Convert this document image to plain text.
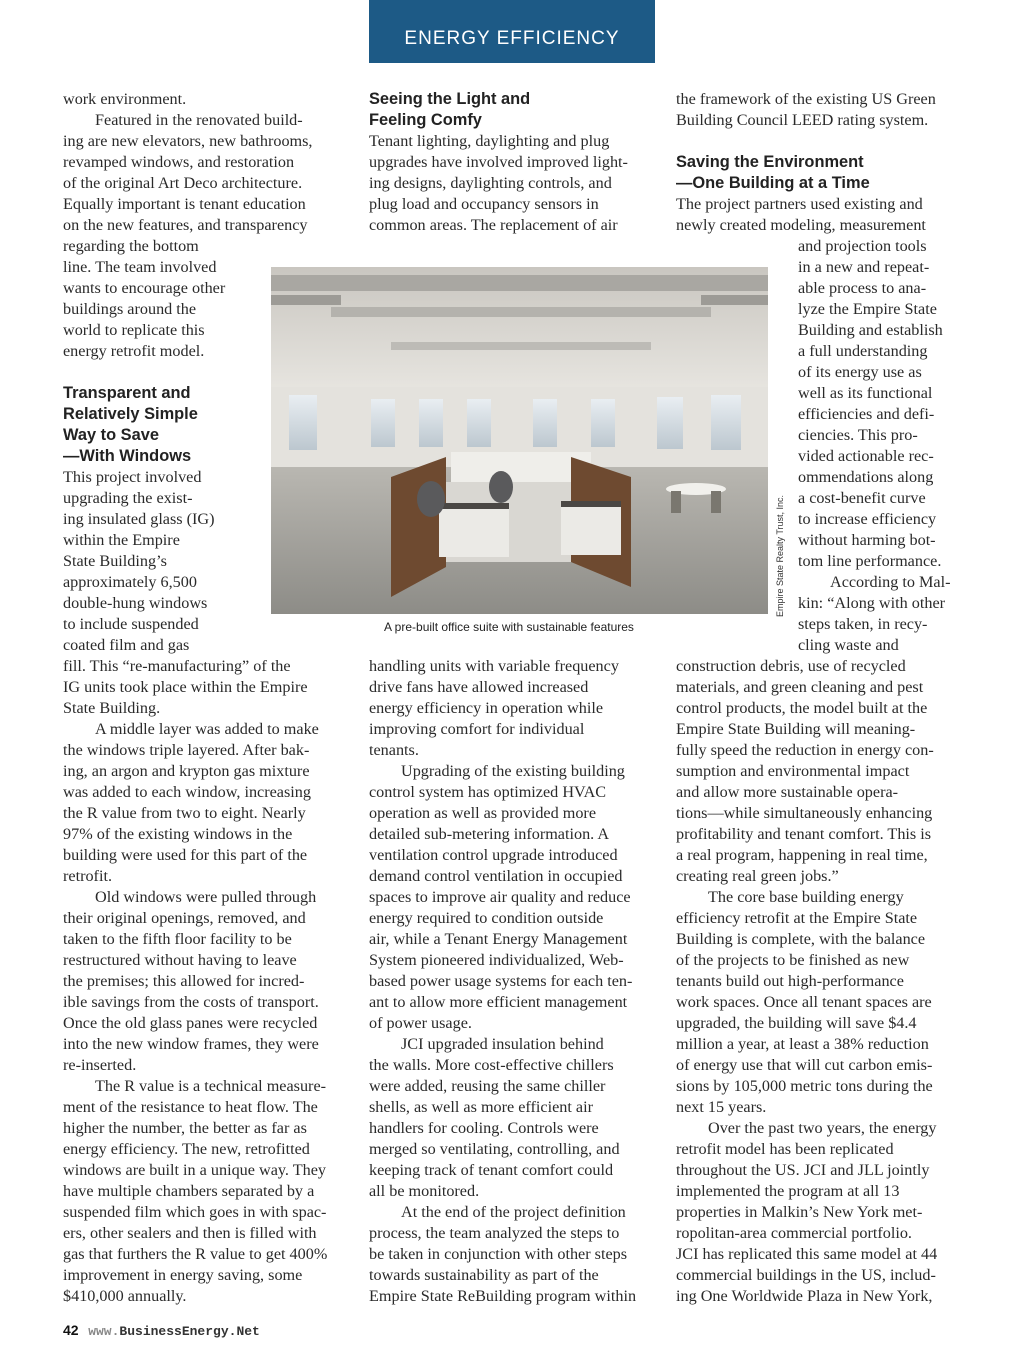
ENERGY EFFICIENCY
work environment.
Featured in the renovated build-
ing are new elevators, new bathrooms,
revamped windows, and restoration
of the original Art Deco architecture.
Equally important is tenant education
on the new features, and transparency
regarding the bottom
line. The team involved
wants to encourage other
buildings around the
world to replicate this
energy retrofit model.
Transparent and
Relatively Simple
Way to Save
—With Windows
This project involved
upgrading the exist-
ing insulated glass (IG)
within the Empire
State Building’s
approximately 6,500
double-hung windows
to include suspended
coated film and gas
fill. This “re-manufacturing” of the
IG units took place within the Empire
State Building.
A middle layer was added to make
the windows triple layered. After bak-
ing, an argon and krypton gas mixture
was added to each window, increasing
the R value from two to eight. Nearly
97% of the existing windows in the
building were used for this part of the
retrofit.
Old windows were pulled through
their original openings, removed, and
taken to the fifth floor facility to be
restructured without having to leave
the premises; this allowed for incred-
ible savings from the costs of transport.
Once the old glass panes were recycled
into the new window frames, they were
re-inserted.
The R value is a technical measure-
ment of the resistance to heat flow. The
higher the number, the better as far as
energy efficiency. The new, retrofitted
windows are built in a unique way. They
have multiple chambers separated by a
suspended film which goes in with spac-
ers, other sealers and then is filled with
gas that furthers the R value to get 400%
improvement in energy saving, some
$410,000 annually.
Seeing the Light and
Feeling Comfy
Tenant lighting, daylighting and plug
upgrades have involved improved light-
ing designs, daylighting controls, and
plug load and occupancy sensors in
common areas. The replacement of air
handling units with variable frequency
drive fans have allowed increased
energy efficiency in operation while
improving comfort for individual
tenants.
Upgrading of the existing building
control system has optimized HVAC
operation as well as provided more
detailed sub-metering information. A
ventilation control upgrade introduced
demand control ventilation in occupied
spaces to improve air quality and reduce
energy required to condition outside
air, while a Tenant Energy Management
System pioneered individualized, Web-
based power usage systems for each ten-
ant to allow more efficient management
of power usage.
JCI upgraded insulation behind
the walls. More cost-effective chillers
were added, reusing the same chiller
shells, as well as more efficient air
handlers for cooling. Controls were
merged so ventilating, controlling, and
keeping track of tenant comfort could
all be monitored.
At the end of the project definition
process, the team analyzed the steps to
be taken in conjunction with other steps
towards sustainability as part of the
Empire State ReBuilding program within
the framework of the existing US Green
Building Council LEED rating system.
Saving the Environment
—One Building at a Time
The project partners used existing and
newly created modeling, measurement
and projection tools
in a new and repeat-
able process to ana-
lyze the Empire State
Building and establish
a full understanding
of its energy use as
well as its functional
efficiencies and defi-
ciencies. This pro-
vided actionable rec-
ommendations along
a cost-benefit curve
to increase efficiency
without harming bot-
tom line performance.
According to Mal-
kin: “Along with other
steps taken, in recy-
cling waste and
construction debris, use of recycled
materials, and green cleaning and pest
control products, the model built at the
Empire State Building will meaning-
fully speed the reduction in energy con-
sumption and environmental impact
and allow more sustainable opera-
tions—while simultaneously enhancing
profitability and tenant comfort. This is
a real program, happening in real time,
creating real green jobs.”
The core base building energy
efficiency retrofit at the Empire State
Building is complete, with the balance
of the projects to be finished as new
tenants build out high-performance
work spaces. Once all tenant spaces are
upgraded, the building will save $4.4
million a year, at least a 38% reduction
of energy use that will cut carbon emis-
sions by 105,000 metric tons during the
next 15 years.
Over the past two years, the energy
retrofit model has been replicated
throughout the US. JCI and JLL jointly
implemented the program at all 13
properties in Malkin’s New York met-
ropolitan-area commercial portfolio.
JCI has replicated this same model at 44
commercial buildings in the US, includ-
ing One Worldwide Plaza in New York,
Empire State Realty Trust, Inc.
A pre-built office suite with sustainable features
42 www.BusinessEnergy.Net
